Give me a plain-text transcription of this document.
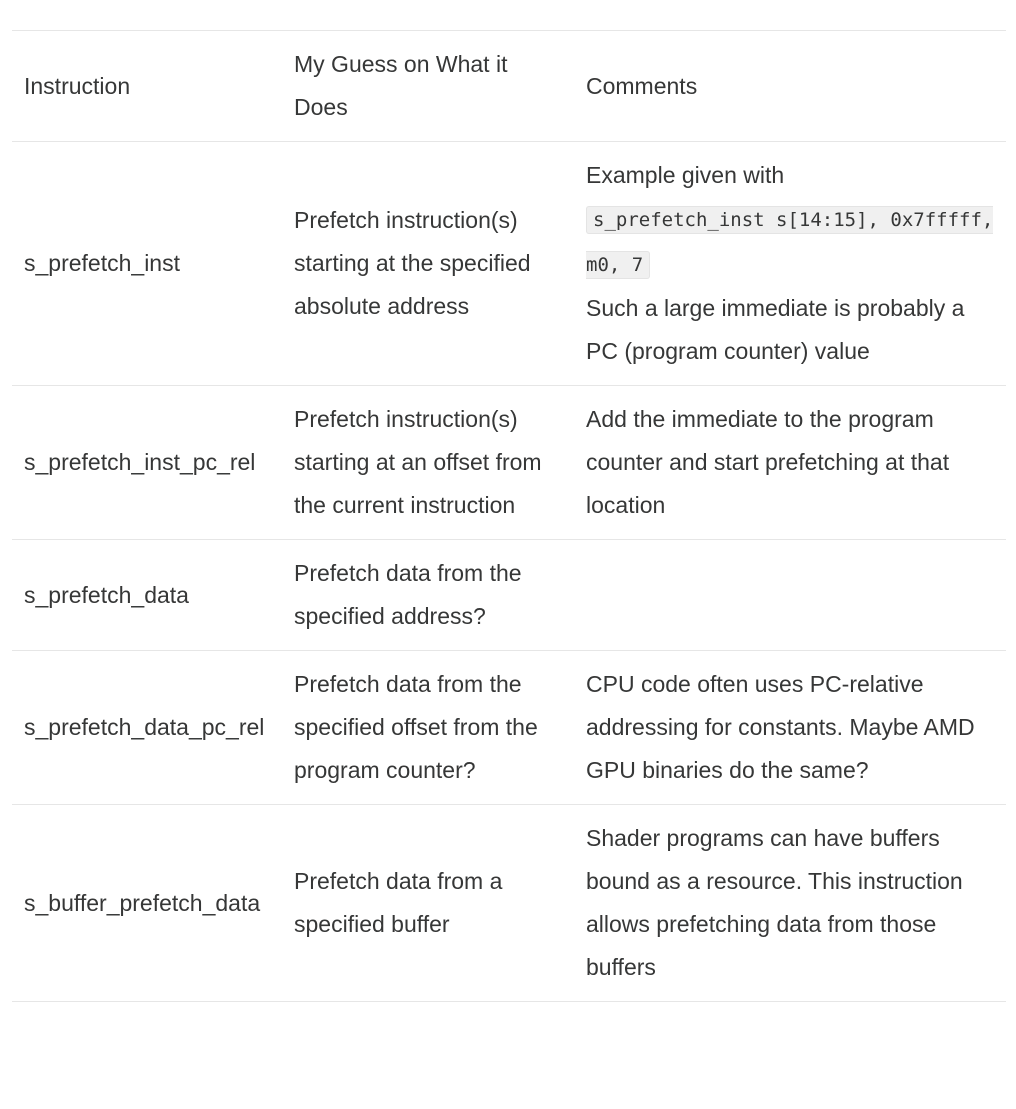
Instruction	My Guess on What it Does	Comments
s_prefetch_inst	Prefetch instruction(s) starting at the specified absolute address	Example given with
s_prefetch_inst s[14:15], 0x7fffff, m0, 7
Such a large immediate is probably a PC (program counter) value
s_prefetch_inst_pc_rel	Prefetch instruction(s) starting at an offset from the current instruction	Add the immediate to the program counter and start prefetching at that location
s_prefetch_data	Prefetch data from the specified address?	
s_prefetch_data_pc_rel	Prefetch data from the specified offset from the program counter?	CPU code often uses PC-relative addressing for constants. Maybe AMD GPU binaries do the same?
s_buffer_prefetch_data	Prefetch data from a specified buffer	Shader programs can have buffers bound as a resource. This instruction allows prefetching data from those buffers
